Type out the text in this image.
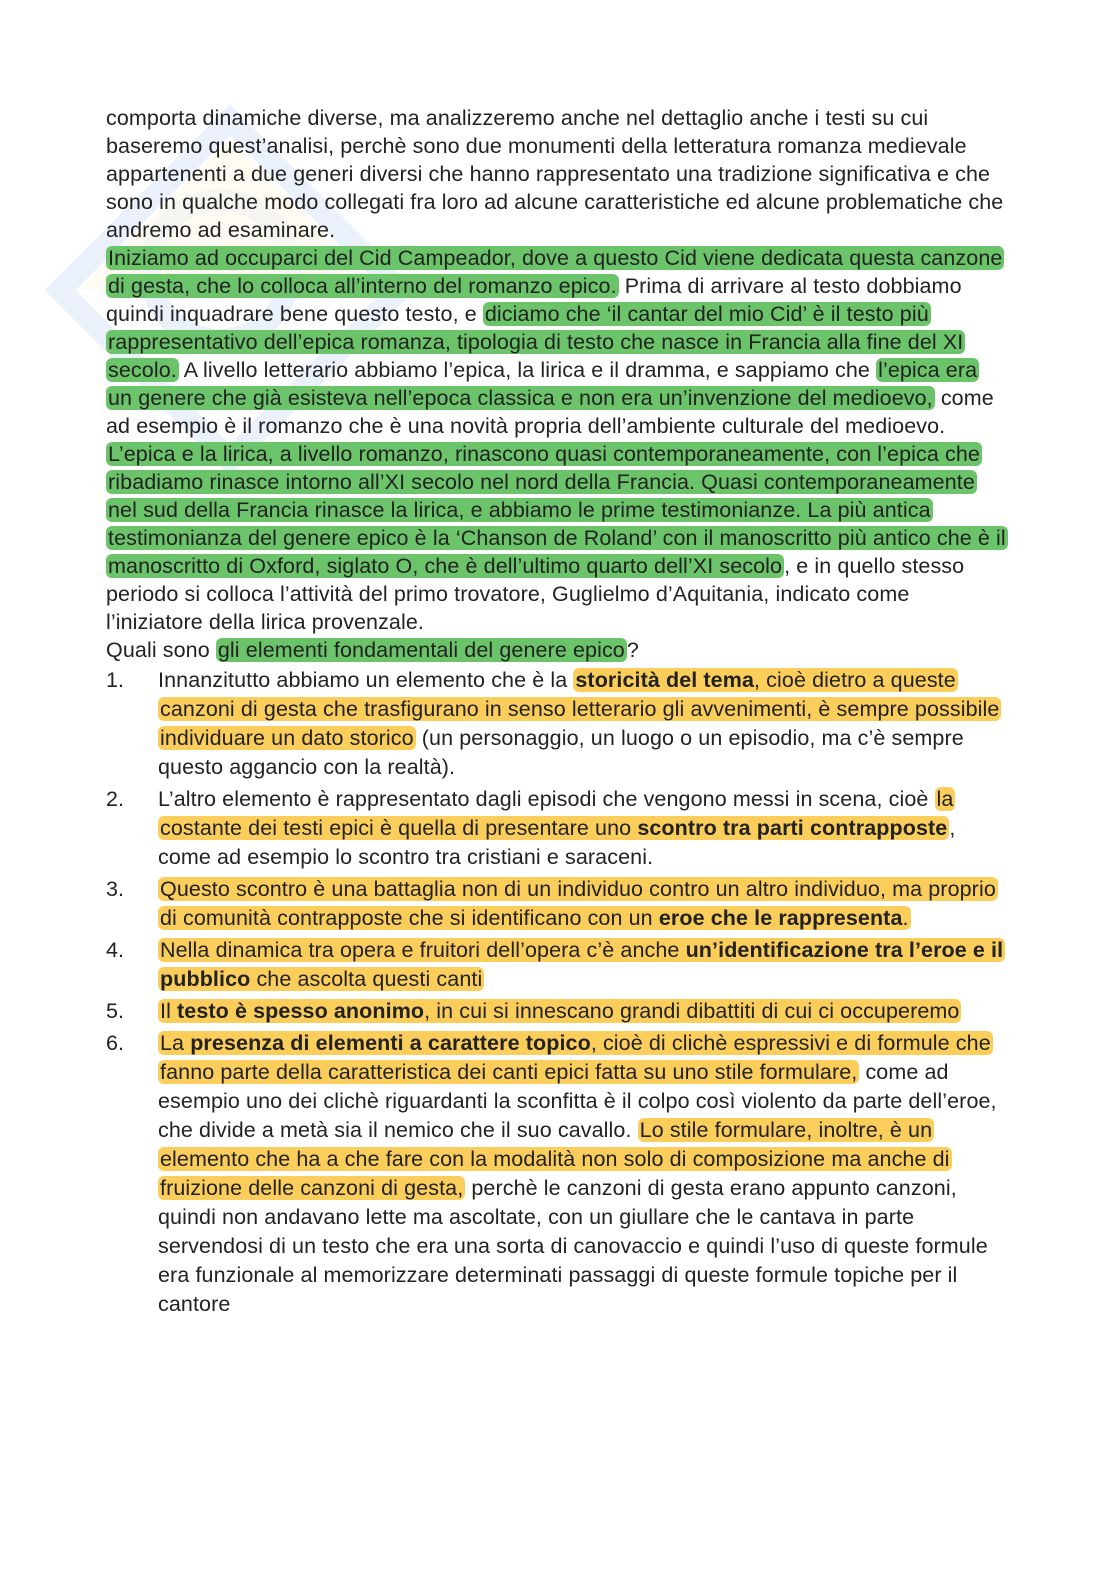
comporta dinamiche diverse, ma analizzeremo anche nel dettaglio anche i testi su cui baseremo quest’analisi, perchè sono due monumenti della letteratura romanza medievale appartenenti a due generi diversi che hanno rappresentato una tradizione significativa e che sono in qualche modo collegati fra loro ad alcune caratteristiche ed alcune problematiche che andremo ad esaminare.

Iniziamo ad occuparci del Cid Campeador, dove a questo Cid viene dedicata questa canzone di gesta, che lo colloca all’interno del romanzo epico. Prima di arrivare al testo dobbiamo quindi inquadrare bene questo testo, e diciamo che ‘il cantar del mio Cid’ è il testo più rappresentativo dell’epica romanza, tipologia di testo che nasce in Francia alla fine del XI secolo. A livello letterario abbiamo l’epica, la lirica e il dramma, e sappiamo che l’epica era un genere che già esisteva nell’epoca classica e non era un’invenzione del medioevo, come ad esempio è il romanzo che è una novità propria dell’ambiente culturale del medioevo.

L’epica e la lirica, a livello romanzo, rinascono quasi contemporaneamente, con l’epica che ribadiamo rinasce intorno all’XI secolo nel nord della Francia. Quasi contemporaneamente nel sud della Francia rinasce la lirica, e abbiamo le prime testimonianze. La più antica testimonianza del genere epico è la ‘Chanson de Roland’ con il manoscritto più antico che è il manoscritto di Oxford, siglato O, che è dell’ultimo quarto dell’XI secolo, e in quello stesso periodo si colloca l’attività del primo trovatore, Guglielmo d’Aquitania, indicato come l’iniziatore della lirica provenzale.

Quali sono gli elementi fondamentali del genere epico?

1. Innanzitutto abbiamo un elemento che è la storicità del tema, cioè dietro a queste canzoni di gesta che trasfigurano in senso letterario gli avvenimenti, è sempre possibile individuare un dato storico (un personaggio, un luogo o un episodio, ma c’è sempre questo aggancio con la realtà).
2. L’altro elemento è rappresentato dagli episodi che vengono messi in scena, cioè la costante dei testi epici è quella di presentare uno scontro tra parti contrapposte, come ad esempio lo scontro tra cristiani e saraceni.
3. Questo scontro è una battaglia non di un individuo contro un altro individuo, ma proprio di comunità contrapposte che si identificano con un eroe che le rappresenta.
4. Nella dinamica tra opera e fruitori dell’opera c’è anche un’identificazione tra l’eroe e il pubblico che ascolta questi canti
5. Il testo è spesso anonimo, in cui si innescano grandi dibattiti di cui ci occuperemo
6. La presenza di elementi a carattere topico, cioè di clichè espressivi e di formule che fanno parte della caratteristica dei canti epici fatta su uno stile formulare, come ad esempio uno dei clichè riguardanti la sconfitta è il colpo così violento da parte dell’eroe, che divide a metà sia il nemico che il suo cavallo. Lo stile formulare, inoltre, è un elemento che ha a che fare con la modalità non solo di composizione ma anche di fruizione delle canzoni di gesta, perchè le canzoni di gesta erano appunto canzoni, quindi non andavano lette ma ascoltate, con un giullare che le cantava in parte servendosi di un testo che era una sorta di canovaccio e quindi l’uso di queste formule era funzionale al memorizzare determinati passaggi di queste formule topiche per il cantore
